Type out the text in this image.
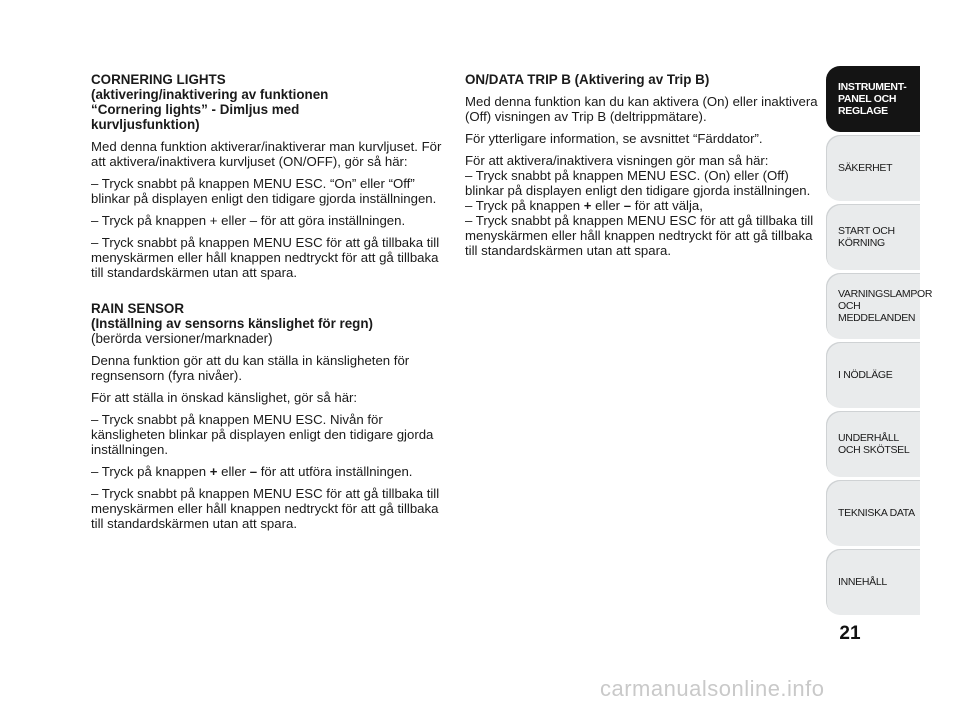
CORNERING LIGHTS
(aktivering/inaktivering av funktionen
“Cornering lights” - Dimljus med
kurvljusfunktion)

Med denna funktion aktiverar/inaktiverar man kurvljuset. För att aktivera/inaktivera kurvljuset (ON/OFF), gör så här:

– Tryck snabbt på knappen MENU ESC. “On” eller “Off” blinkar på displayen enligt den tidigare gjorda inställningen.

– Tryck på knappen + eller – för att göra inställningen.

– Tryck snabbt på knappen MENU ESC för att gå tillbaka till menyskärmen eller håll knappen nedtryckt för att gå tillbaka till standardskärmen utan att spara.

RAIN SENSOR
(Inställning av sensorns känslighet för regn)
(berörda versioner/marknader)

Denna funktion gör att du kan ställa in känsligheten för regnsensorn (fyra nivåer).

För att ställa in önskad känslighet, gör så här:

– Tryck snabbt på knappen MENU ESC. Nivån för känsligheten blinkar på displayen enligt den tidigare gjorda inställningen.

– Tryck på knappen + eller – för att utföra inställningen.

– Tryck snabbt på knappen MENU ESC för att gå tillbaka till menyskärmen eller håll knappen nedtryckt för att gå tillbaka till standardskärmen utan att spara.

ON/DATA TRIP B (Aktivering av Trip B)

Med denna funktion kan du kan aktivera (On) eller inaktivera (Off) visningen av Trip B (deltrippmätare).

För ytterligare information, se avsnittet “Färddator”.

För att aktivera/inaktivera visningen gör man så här:

– Tryck snabbt på knappen MENU ESC. (On) eller (Off) blinkar på displayen enligt den tidigare gjorda inställningen.

– Tryck på knappen + eller – för att välja,

– Tryck snabbt på knappen MENU ESC för att gå tillbaka till menyskärmen eller håll knappen nedtryckt för att gå tillbaka till standardskärmen utan att spara.

INSTRUMENT-
PANEL OCH
REGLAGE
SÄKERHET
START OCH
KÖRNING
VARNINGSLAMPOR
OCH
MEDDELANDEN
I NÖDLÄGE
UNDERHÅLL
OCH SKÖTSEL
TEKNISKA DATA
INNEHÅLL
21
carmanualsonline.info
